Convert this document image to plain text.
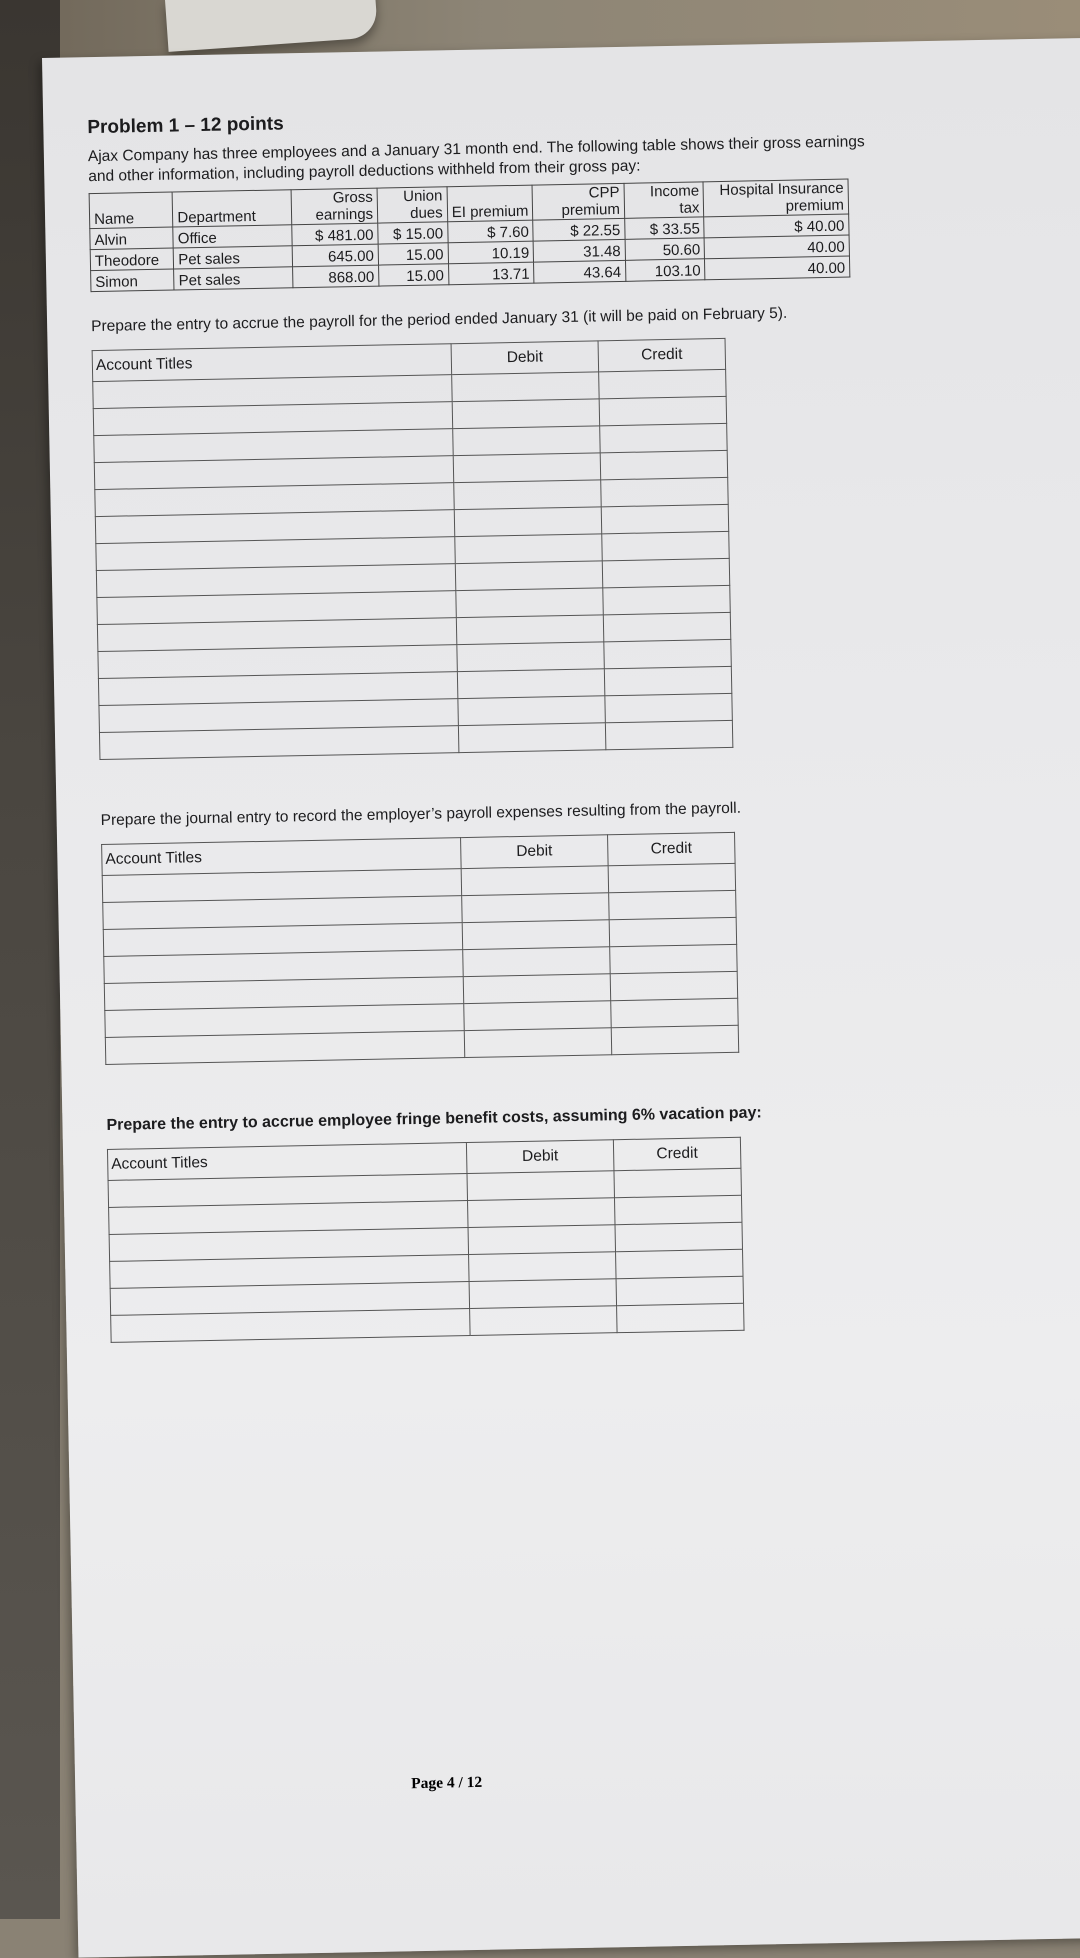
Problem 1 – 12 points
Ajax Company has three employees and a January 31 month end. The following table shows their gross earnings and other information, including payroll deductions withheld from their gross pay:
Name	Department	Gross earnings	Union dues	EI premium	CPP premium	Income tax	Hospital Insurance premium
Alvin	Office	$ 481.00	$ 15.00	$ 7.60	$ 22.55	$ 33.55	$ 40.00
Theodore	Pet sales	645.00	15.00	10.19	31.48	50.60	40.00
Simon	Pet sales	868.00	15.00	13.71	43.64	103.10	40.00
Prepare the entry to accrue the payroll for the period ended January 31 (it will be paid on February 5).
Account Titles	Debit	Credit

Prepare the journal entry to record the employer’s payroll expenses resulting from the payroll.
Account Titles	Debit	Credit

Prepare the entry to accrue employee fringe benefit costs, assuming 6% vacation pay:
Account Titles	Debit	Credit

Page 4 / 12
